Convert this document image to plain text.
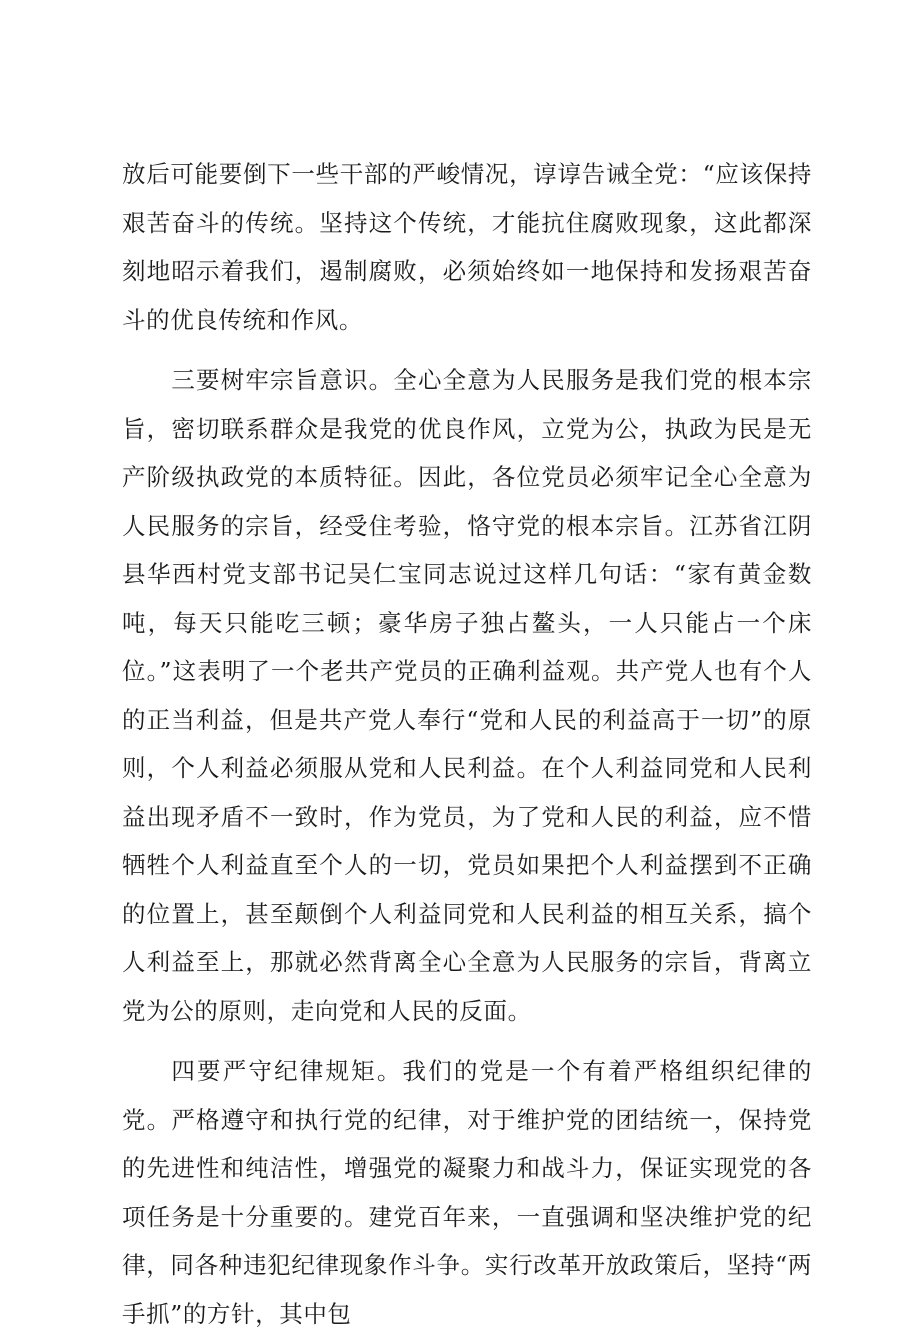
放后可能要倒下一些干部的严峻情况，谆谆告诫全党：“应该保持艰苦奋斗的传统。坚持这个传统，才能抗住腐败现象，这此都深刻地昭示着我们，遏制腐败，必须始终如一地保持和发扬艰苦奋斗的优良传统和作风。

三要树牢宗旨意识。全心全意为人民服务是我们党的根本宗旨，密切联系群众是我党的优良作风，立党为公，执政为民是无产阶级执政党的本质特征。因此，各位党员必须牢记全心全意为人民服务的宗旨，经受住考验，恪守党的根本宗旨。江苏省江阴县华西村党支部书记吴仁宝同志说过这样几句话：“家有黄金数吨，每天只能吃三顿；豪华房子独占鳌头，一人只能占一个床位。”这表明了一个老共产党员的正确利益观。共产党人也有个人的正当利益，但是共产党人奉行“党和人民的利益高于一切”的原则，个人利益必须服从党和人民利益。在个人利益同党和人民利益出现矛盾不一致时，作为党员，为了党和人民的利益，应不惜牺牲个人利益直至个人的一切，党员如果把个人利益摆到不正确的位置上，甚至颠倒个人利益同党和人民利益的相互关系，搞个人利益至上，那就必然背离全心全意为人民服务的宗旨，背离立党为公的原则，走向党和人民的反面。

四要严守纪律规矩。我们的党是一个有着严格组织纪律的党。严格遵守和执行党的纪律，对于维护党的团结统一，保持党的先进性和纯洁性，增强党的凝聚力和战斗力，保证实现党的各项任务是十分重要的。建党百年来，一直强调和坚决维护党的纪律，同各种违犯纪律现象作斗争。实行改革开放政策后，坚持“两手抓”的方针，其中包
